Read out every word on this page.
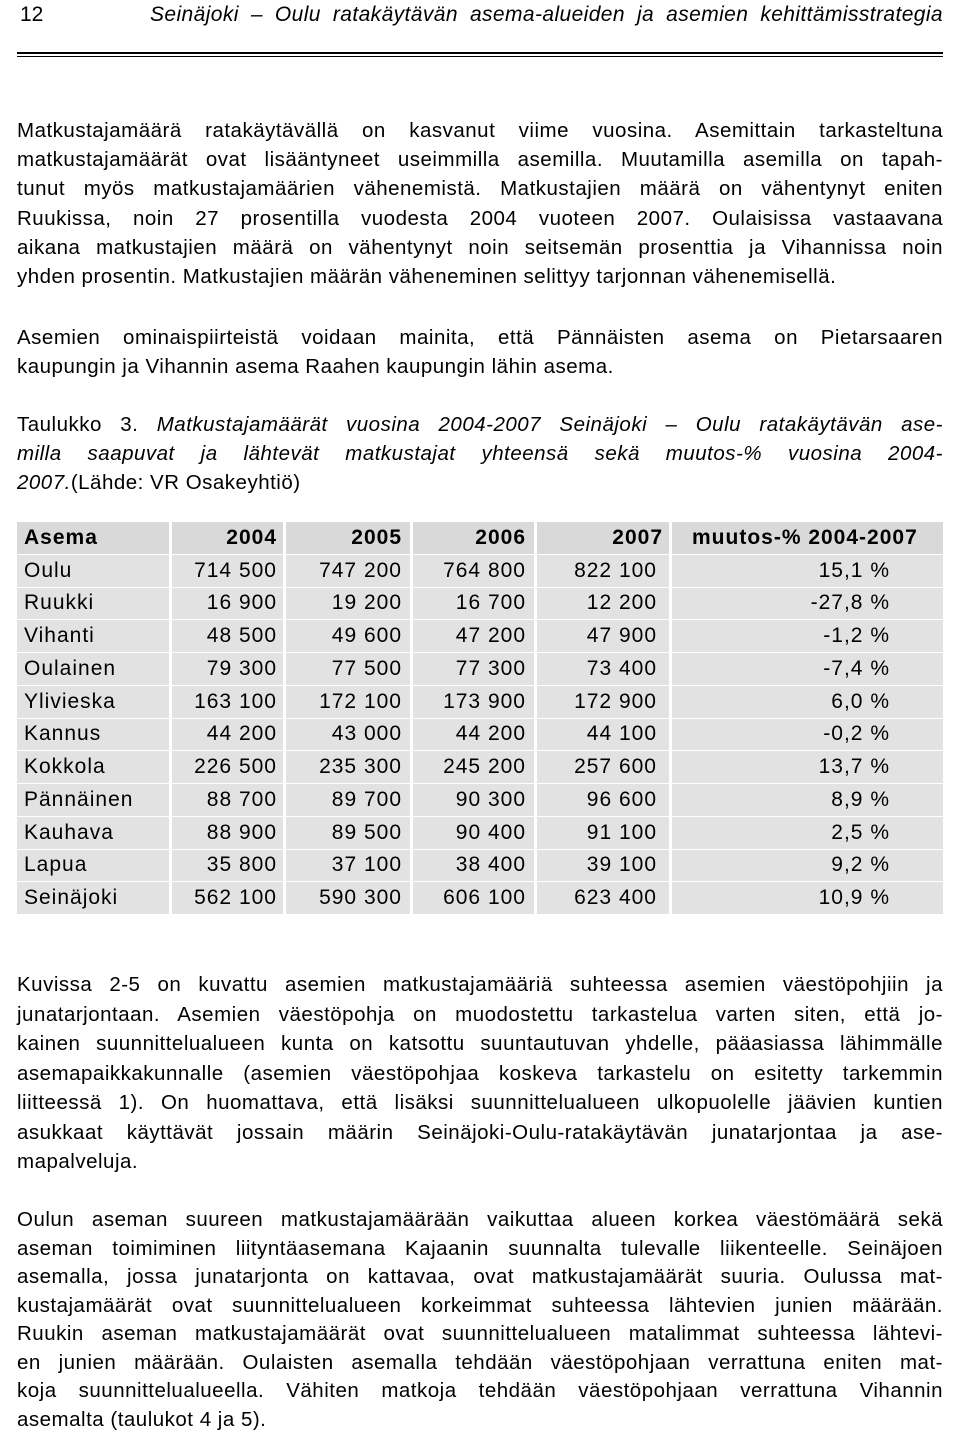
12	Seinäjoki – Oulu ratakäytävän asema-alueiden ja asemien kehittämisstrategia
Matkustajamäärä ratakäytävällä on kasvanut viime vuosina. Asemittain tarkasteltuna
matkustajamäärät ovat lisääntyneet useimmilla asemilla. Muutamilla asemilla on tapah-
tunut myös matkustajamäärien vähenemistä. Matkustajien määrä on vähentynyt eniten
Ruukissa, noin 27 prosentilla vuodesta 2004 vuoteen 2007. Oulaisissa vastaavana
aikana matkustajien määrä on vähentynyt noin seitsemän prosenttia ja Vihannissa noin
yhden prosentin. Matkustajien määrän väheneminen selittyy tarjonnan vähenemisellä.
Asemien ominaispiirteistä voidaan mainita, että Pännäisten asema on Pietarsaaren
kaupungin ja Vihannin asema Raahen kaupungin lähin asema.
Taulukko 3. Matkustajamäärät vuosina 2004-2007 Seinäjoki – Oulu ratakäytävän ase-
milla saapuvat ja lähtevät matkustajat yhteensä sekä muutos-% vuosina 2004-
2007.(Lähde: VR Osakeyhtiö)
Asema	2004	2005	2006	2007	muutos-% 2004-2007
Oulu	714 500	747 200	764 800	822 100	15,1 %
Ruukki	16 900	19 200	16 700	12 200	-27,8 %
Vihanti	48 500	49 600	47 200	47 900	-1,2 %
Oulainen	79 300	77 500	77 300	73 400	-7,4 %
Ylivieska	163 100	172 100	173 900	172 900	6,0 %
Kannus	44 200	43 000	44 200	44 100	-0,2 %
Kokkola	226 500	235 300	245 200	257 600	13,7 %
Pännäinen	88 700	89 700	90 300	96 600	8,9 %
Kauhava	88 900	89 500	90 400	91 100	2,5 %
Lapua	35 800	37 100	38 400	39 100	9,2 %
Seinäjoki	562 100	590 300	606 100	623 400	10,9 %
Kuvissa 2-5 on kuvattu asemien matkustajamääriä suhteessa asemien väestöpohjiin ja
junatarjontaan. Asemien väestöpohja on muodostettu tarkastelua varten siten, että jo-
kainen suunnittelualueen kunta on katsottu suuntautuvan yhdelle, pääasiassa lähimmälle
asemapaikkakunnalle (asemien väestöpohjaa koskeva tarkastelu on esitetty tarkemmin
liitteessä 1). On huomattava, että lisäksi suunnittelualueen ulkopuolelle jäävien kuntien
asukkaat käyttävät jossain määrin Seinäjoki-Oulu-ratakäytävän junatarjontaa ja ase-
mapalveluja.
Oulun aseman suureen matkustajamäärään vaikuttaa alueen korkea väestömäärä sekä
aseman toimiminen liityntäasemana Kajaanin suunnalta tulevalle liikenteelle. Seinäjoen
asemalla, jossa junatarjonta on kattavaa, ovat matkustajamäärät suuria. Oulussa mat-
kustajamäärät ovat suunnittelualueen korkeimmat suhteessa lähtevien junien määrään.
Ruukin aseman matkustajamäärät ovat suunnittelualueen matalimmat suhteessa lähtevi-
en junien määrään. Oulaisten asemalla tehdään väestöpohjaan verrattuna eniten mat-
koja suunnittelualueella. Vähiten matkoja tehdään väestöpohjaan verrattuna Vihannin
asemalta (taulukot 4 ja 5).
